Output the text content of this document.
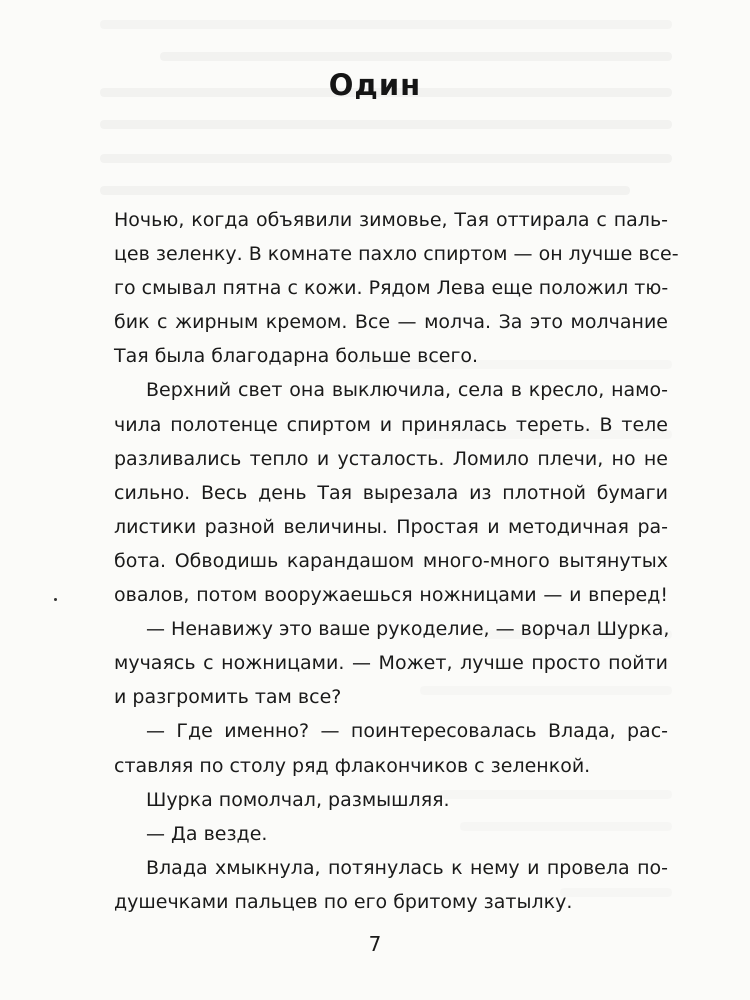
Один
Ночью, когда объявили зимовье, Тая оттирала с паль-
цев зеленку. В комнате пахло спиртом — он лучше все-
го смывал пятна с кожи. Рядом Лева еще положил тю-
бик с жирным кремом. Все — молча. За это молчание
Тая была благодарна больше всего.
Верхний свет она выключила, села в кресло, намо-
чила полотенце спиртом и принялась тереть. В теле
разливались тепло и усталость. Ломило плечи, но не
сильно. Весь день Тая вырезала из плотной бумаги
листики разной величины. Простая и методичная ра-
бота. Обводишь карандашом много-много вытянутых
овалов, потом вооружаешься ножницами — и вперед!
— Ненавижу это ваше рукоделие, — ворчал Шурка,
мучаясь с ножницами. — Может, лучше просто пойти
и разгромить там все?
— Где именно? — поинтересовалась Влада, рас-
ставляя по столу ряд флакончиков с зеленкой.
Шурка помолчал, размышляя.
— Да везде.
Влада хмыкнула, потянулась к нему и провела по-
душечками пальцев по его бритому затылку.
7
